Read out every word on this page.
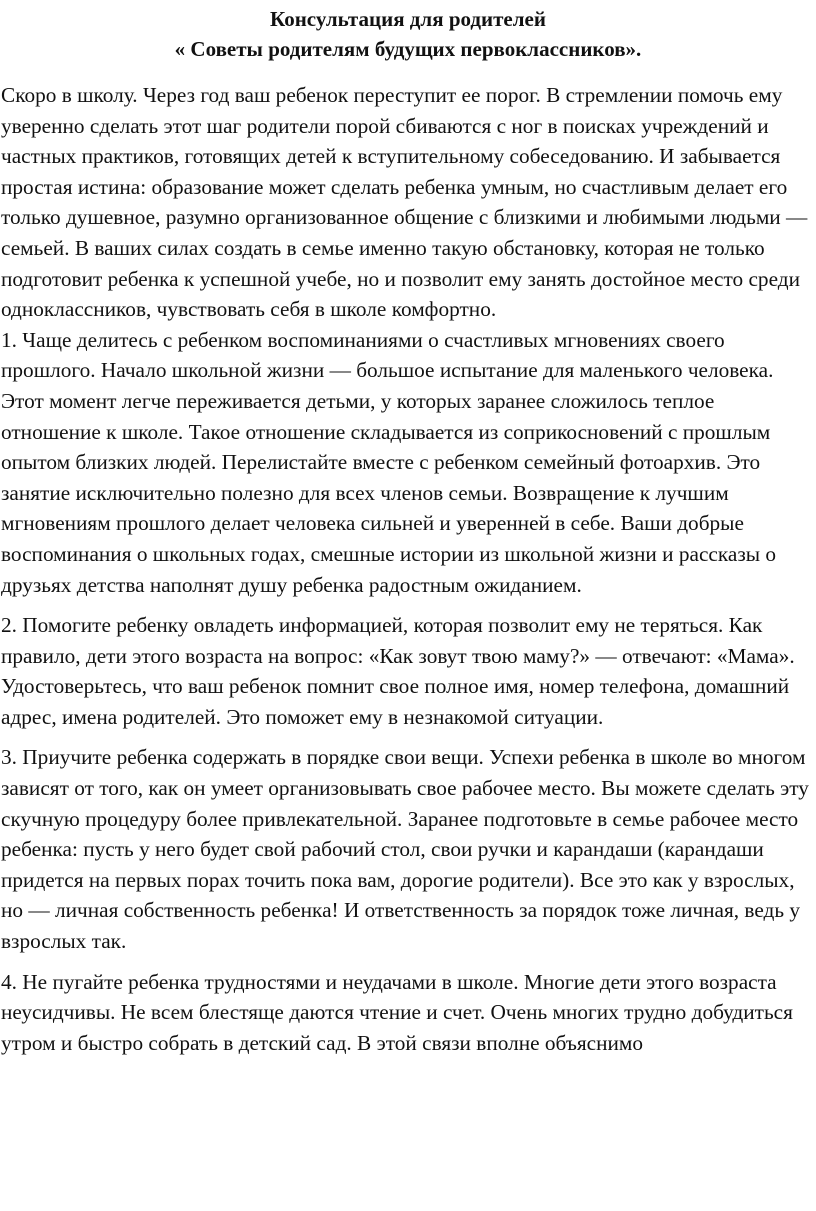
Консультация для родителей
« Советы родителям будущих первоклассников».

Скоро в школу. Через год ваш ребенок переступит ее порог. В стремлении помочь ему уверенно сделать этот шаг родители порой сбиваются с ног в поисках учреждений и частных практиков, готовящих детей к вступительному собеседованию. И забывается простая истина: образование может сделать ребенка умным, но счастливым делает его только душевное, разумно организованное общение с близкими и любимыми людьми — семьей. В ваших силах создать в семье именно такую обстановку, которая не только подготовит ребенка к успешной учебе, но и позволит ему занять достойное место среди одноклассников, чувствовать себя в школе комфортно.

1. Чаще делитесь с ребенком воспоминаниями о счастливых мгновениях своего прошлого. Начало школьной жизни — большое испытание для маленького человека. Этот момент легче переживается детьми, у которых заранее сложилось теплое отношение к школе. Такое отношение складывается из соприкосновений с прошлым опытом близких людей. Перелистайте вместе с ребенком семейный фотоархив. Это занятие исключительно полезно для всех членов семьи. Возвращение к лучшим мгновениям прошлого делает человека сильней и уверенней в себе. Ваши добрые воспоминания о школьных годах, смешные истории из школьной жизни и рассказы о друзьях детства наполнят душу ребенка радостным ожиданием.

2. Помогите ребенку овладеть информацией, которая позволит ему не теряться. Как правило, дети этого возраста на вопрос: «Как зовут твою маму?» — отвечают: «Мама». Удостоверьтесь, что ваш ребенок помнит свое полное имя, номер телефона, домашний адрес, имена родителей. Это поможет ему в незнакомой ситуации.

3. Приучите ребенка содержать в порядке свои вещи. Успехи ребенка в школе во многом зависят от того, как он умеет организовывать свое рабочее место. Вы можете сделать эту скучную процедуру более привлекательной. Заранее подготовьте в семье рабочее место ребенка: пусть у него будет свой рабочий стол, свои ручки и карандаши (карандаши придется на первых порах точить пока вам, дорогие родители). Все это как у взрослых, но — личная собственность ребенка! И ответственность за порядок тоже личная, ведь у взрослых так.

4. Не пугайте ребенка трудностями и неудачами в школе. Многие дети этого возраста неусидчивы. Не всем блестяще даются чтение и счет. Очень многих трудно добудиться утром и быстро собрать в детский сад. В этой связи вполне объяснимо
